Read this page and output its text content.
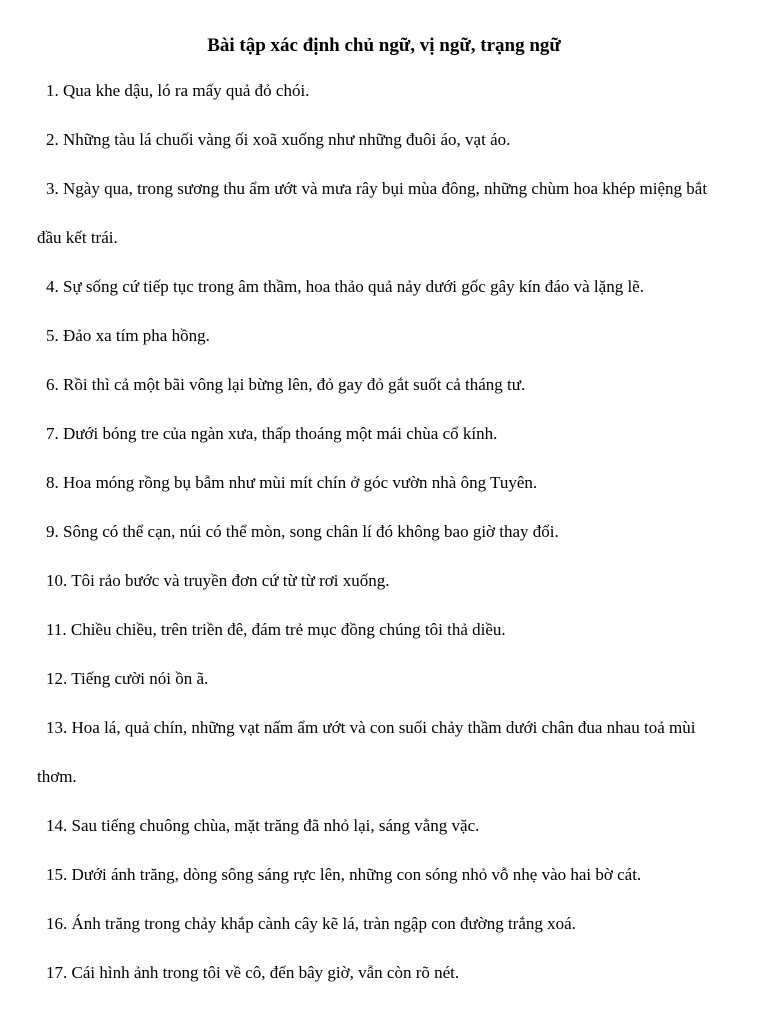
Bài tập xác định chủ ngữ, vị ngữ, trạng ngữ
1. Qua khe dậu, ló ra mấy quả đỏ chói.
2. Những tàu lá chuối vàng ối xoã xuống như những đuôi áo, vạt áo.
3. Ngày qua, trong sương thu ẩm ướt và mưa rây bụi mùa đông, những chùm hoa khép miệng bắt đầu kết trái.
4. Sự sống cứ tiếp tục trong âm thầm, hoa thảo quả nảy dưới gốc gây kín đáo và lặng lẽ.
5. Đảo xa tím pha hồng.
6. Rồi thì cả một bãi vông lại bừng lên, đỏ gay đỏ gắt suốt cả tháng tư.
7. Dưới bóng tre của ngàn xưa, thấp thoáng một mái chùa cổ kính.
8. Hoa móng rồng bụ bẫm như mùi mít chín ở góc vườn nhà ông Tuyên.
9. Sông có thể cạn, núi có thể mòn, song chân lí đó không bao giờ thay đổi.
10. Tôi rảo bước và truyền đơn cứ từ từ rơi xuống.
11. Chiều chiều, trên triền đê, đám trẻ mục đồng chúng tôi thả diều.
12. Tiếng cười nói ồn ã.
13. Hoa lá, quả chín, những vạt nấm ẩm ướt và con suối chảy thầm dưới chân đua nhau toả mùi thơm.
14. Sau tiếng chuông chùa, mặt trăng đã nhỏ lại, sáng vằng vặc.
15. Dưới ánh trăng, dòng sông sáng rực lên, những con sóng nhỏ vỗ nhẹ vào hai bờ cát.
16. Ánh trăng trong chảy khắp cành cây kẽ lá, tràn ngập con đường trắng xoá.
17. Cái hình ảnh trong tôi về cô, đến bây giờ, vẫn còn rõ nét.
